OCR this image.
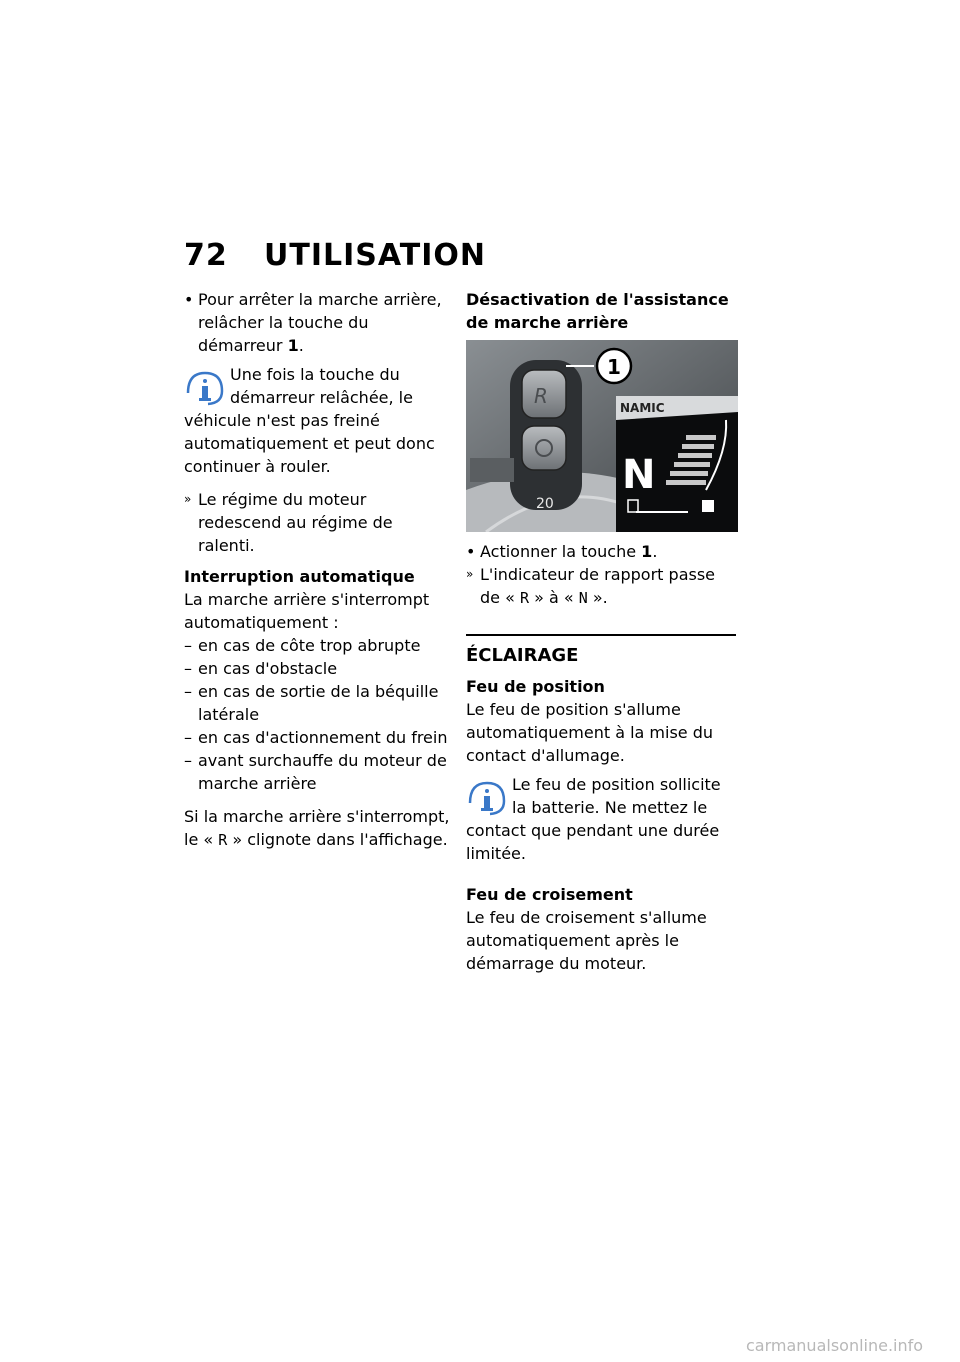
72 UTILISATION

• Pour arrêter la marche arrière, relâcher la touche du démarreur 1.

Une fois la touche du démarreur relâchée, le véhicule n'est pas freiné automatiquement et peut donc continuer à rouler.

» Le régime du moteur redescend au régime de ralenti.

Interruption automatique

La marche arrière s'interrompt automatiquement :

– en cas de côte trop abrupte

– en cas d'obstacle

– en cas de sortie de la béquille latérale

– en cas d'actionnement du frein

– avant surchauffe du moteur de marche arrière

Si la marche arrière s'interrompt, le « R » clignote dans l'affichage.

Désactivation de l'assistance de marche arrière

R
20
1
NAMIC
N

• Actionner la touche 1.

» L'indicateur de rapport passe de « R » à « N ».

ÉCLAIRAGE

Feu de position

Le feu de position s'allume automatiquement à la mise du contact d'allumage.

Le feu de position sollicite la batterie. Ne mettez le contact que pendant une durée limitée.

Feu de croisement

Le feu de croisement s'allume automatiquement après le démarrage du moteur.

carmanualsonline.info
